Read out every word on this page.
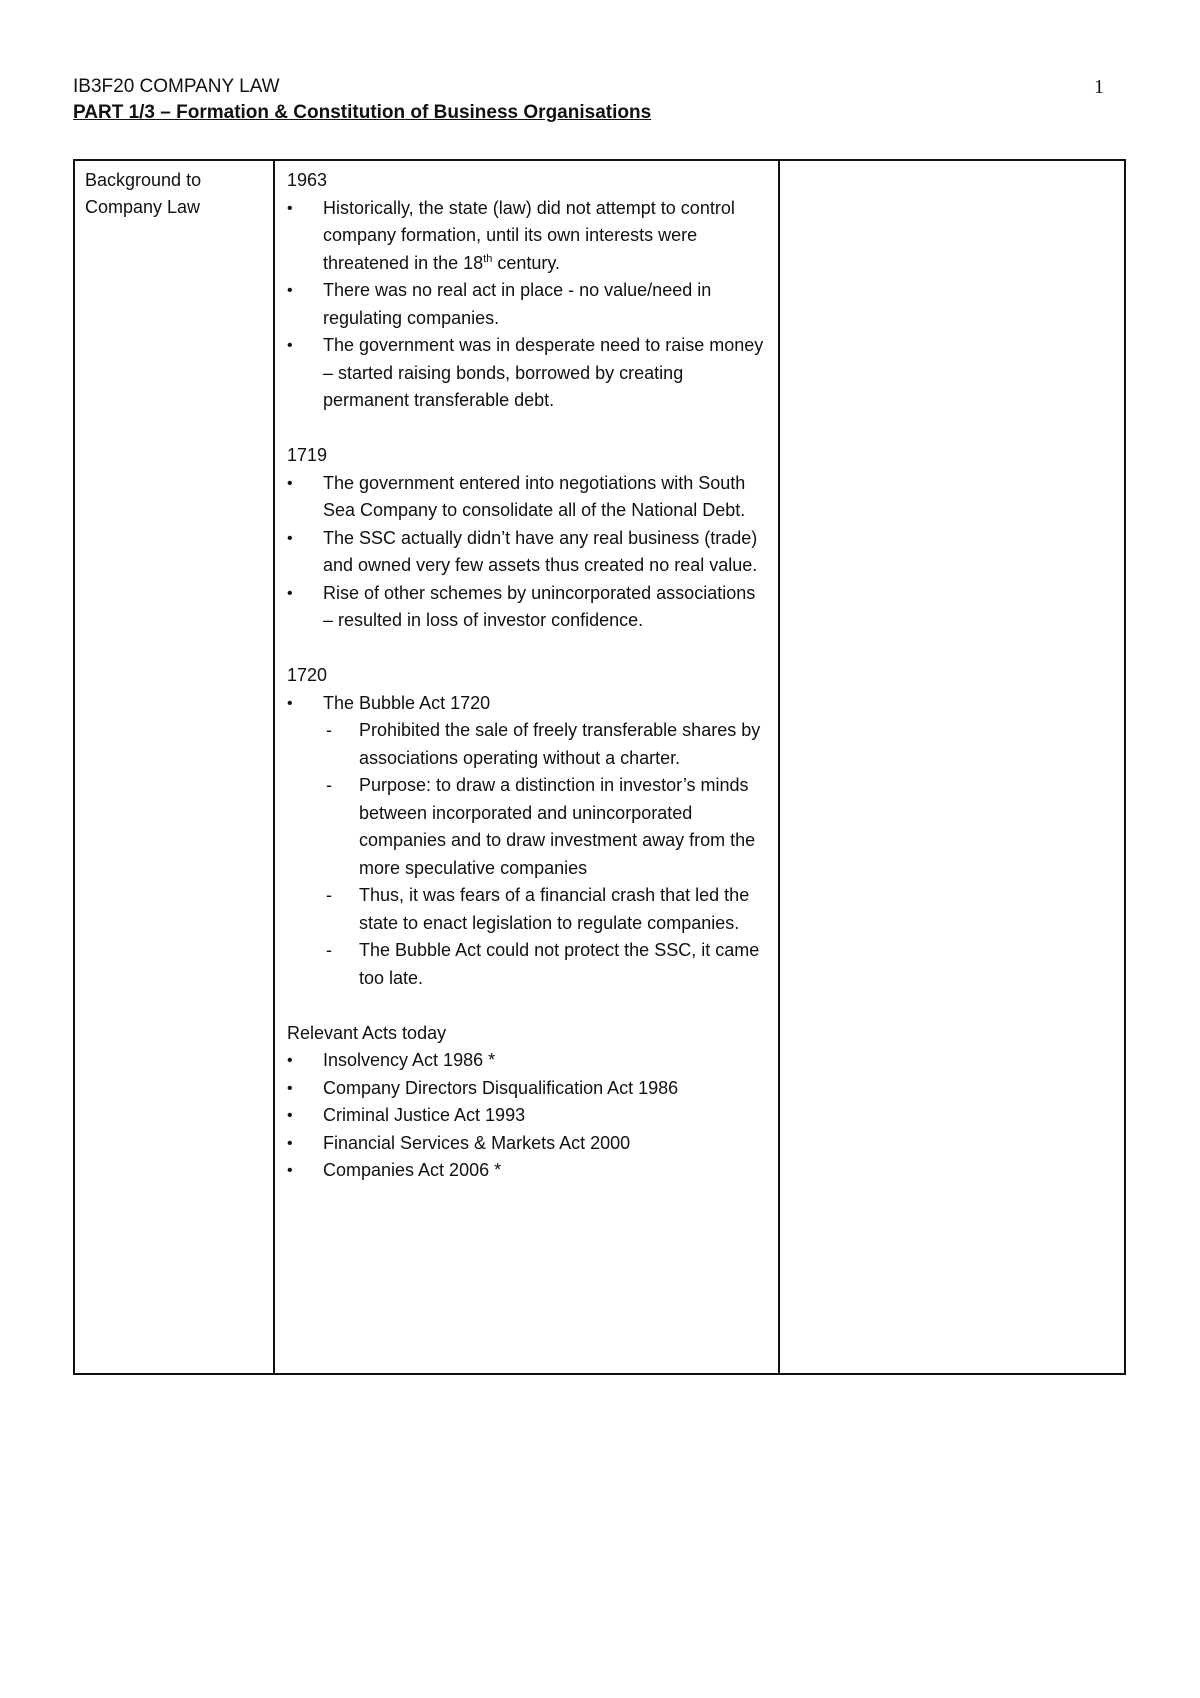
IB3F20 COMPANY LAW
PART 1/3 – Formation & Constitution of Business Organisations
1
Background to Company Law
1963
•	Historically, the state (law) did not attempt to control company formation, until its own interests were threatened in the 18th century.
•	There was no real act in place - no value/need in regulating companies.
•	The government was in desperate need to raise money – started raising bonds, borrowed by creating permanent transferable debt.
1719
•	The government entered into negotiations with South Sea Company to consolidate all of the National Debt.
•	The SSC actually didn’t have any real business (trade) and owned very few assets thus created no real value.
•	Rise of other schemes by unincorporated associations – resulted in loss of investor confidence.
1720
•	The Bubble Act 1720
- Prohibited the sale of freely transferable shares by associations operating without a charter.
- Purpose: to draw a distinction in investor’s minds between incorporated and unincorporated companies and to draw investment away from the more speculative companies
- Thus, it was fears of a financial crash that led the state to enact legislation to regulate companies.
- The Bubble Act could not protect the SSC, it came too late.
Relevant Acts today
•	Insolvency Act 1986 *
•	Company Directors Disqualification Act 1986
•	Criminal Justice Act 1993
•	Financial Services & Markets Act 2000
•	Companies Act 2006 *
